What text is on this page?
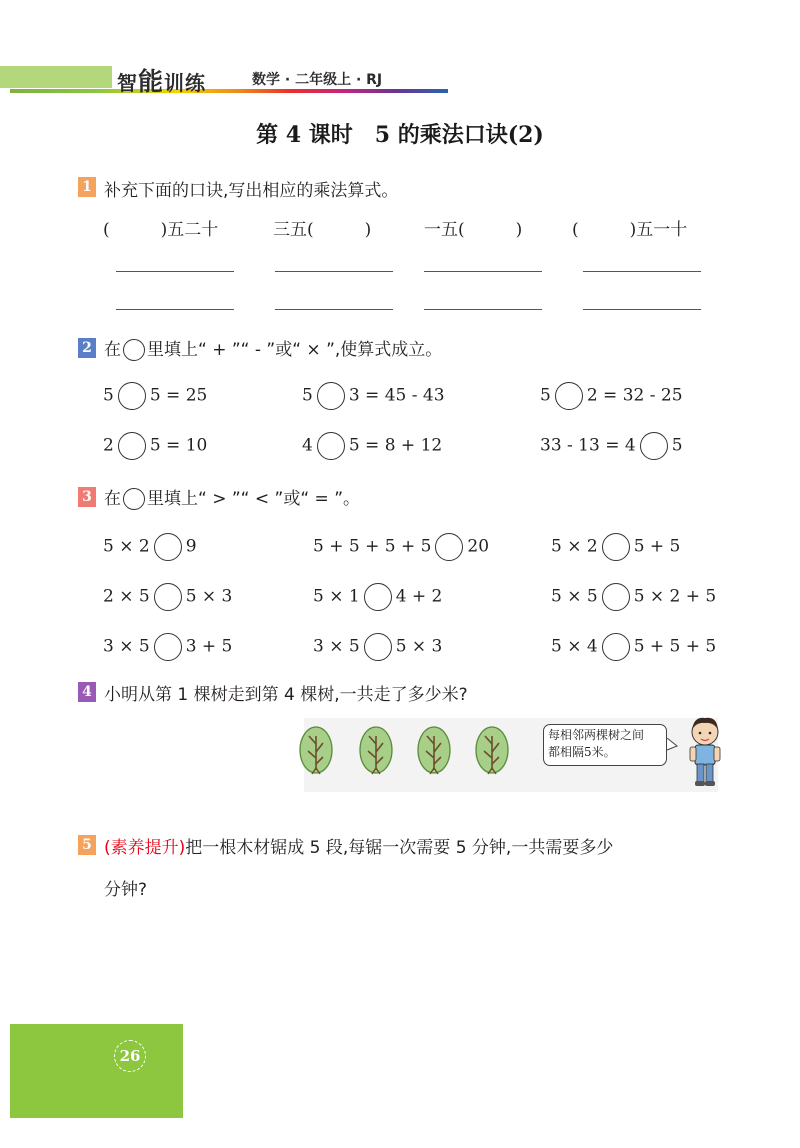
智能训练	数学 · 二年级上 · RJ
第 4 课时　5 的乘法口诀(2)
1 补充下面的口诀,写出相应的乘法算式。
(　　　)五二十	三五(　　　)	一五(　　　)	(　　　)五一十
2 在 里填上“ + ”“ - ”或“ × ”,使算式成立。
5 5 = 25	5 3 = 45 - 43	5 2 = 32 - 25
2 5 = 10	4 5 = 8 + 12	33 - 13 = 4 5
3 在 里填上“ > ”“ < ”或“ = ”。
5 × 2 9	5 + 5 + 5 + 5 20	5 × 2 5 + 5
2 × 5 5 × 3	5 × 1 4 + 2	5 × 5 5 × 2 + 5
3 × 5 3 + 5	3 × 5 5 × 3	5 × 4 5 + 5 + 5
4 小明从第 1 棵树走到第 4 棵树,一共走了多少米?
每相邻两棵树之间
都相隔5米。
5 (素养提升)把一根木材锯成 5 段,每锯一次需要 5 分钟,一共需要多少
分钟?
26
